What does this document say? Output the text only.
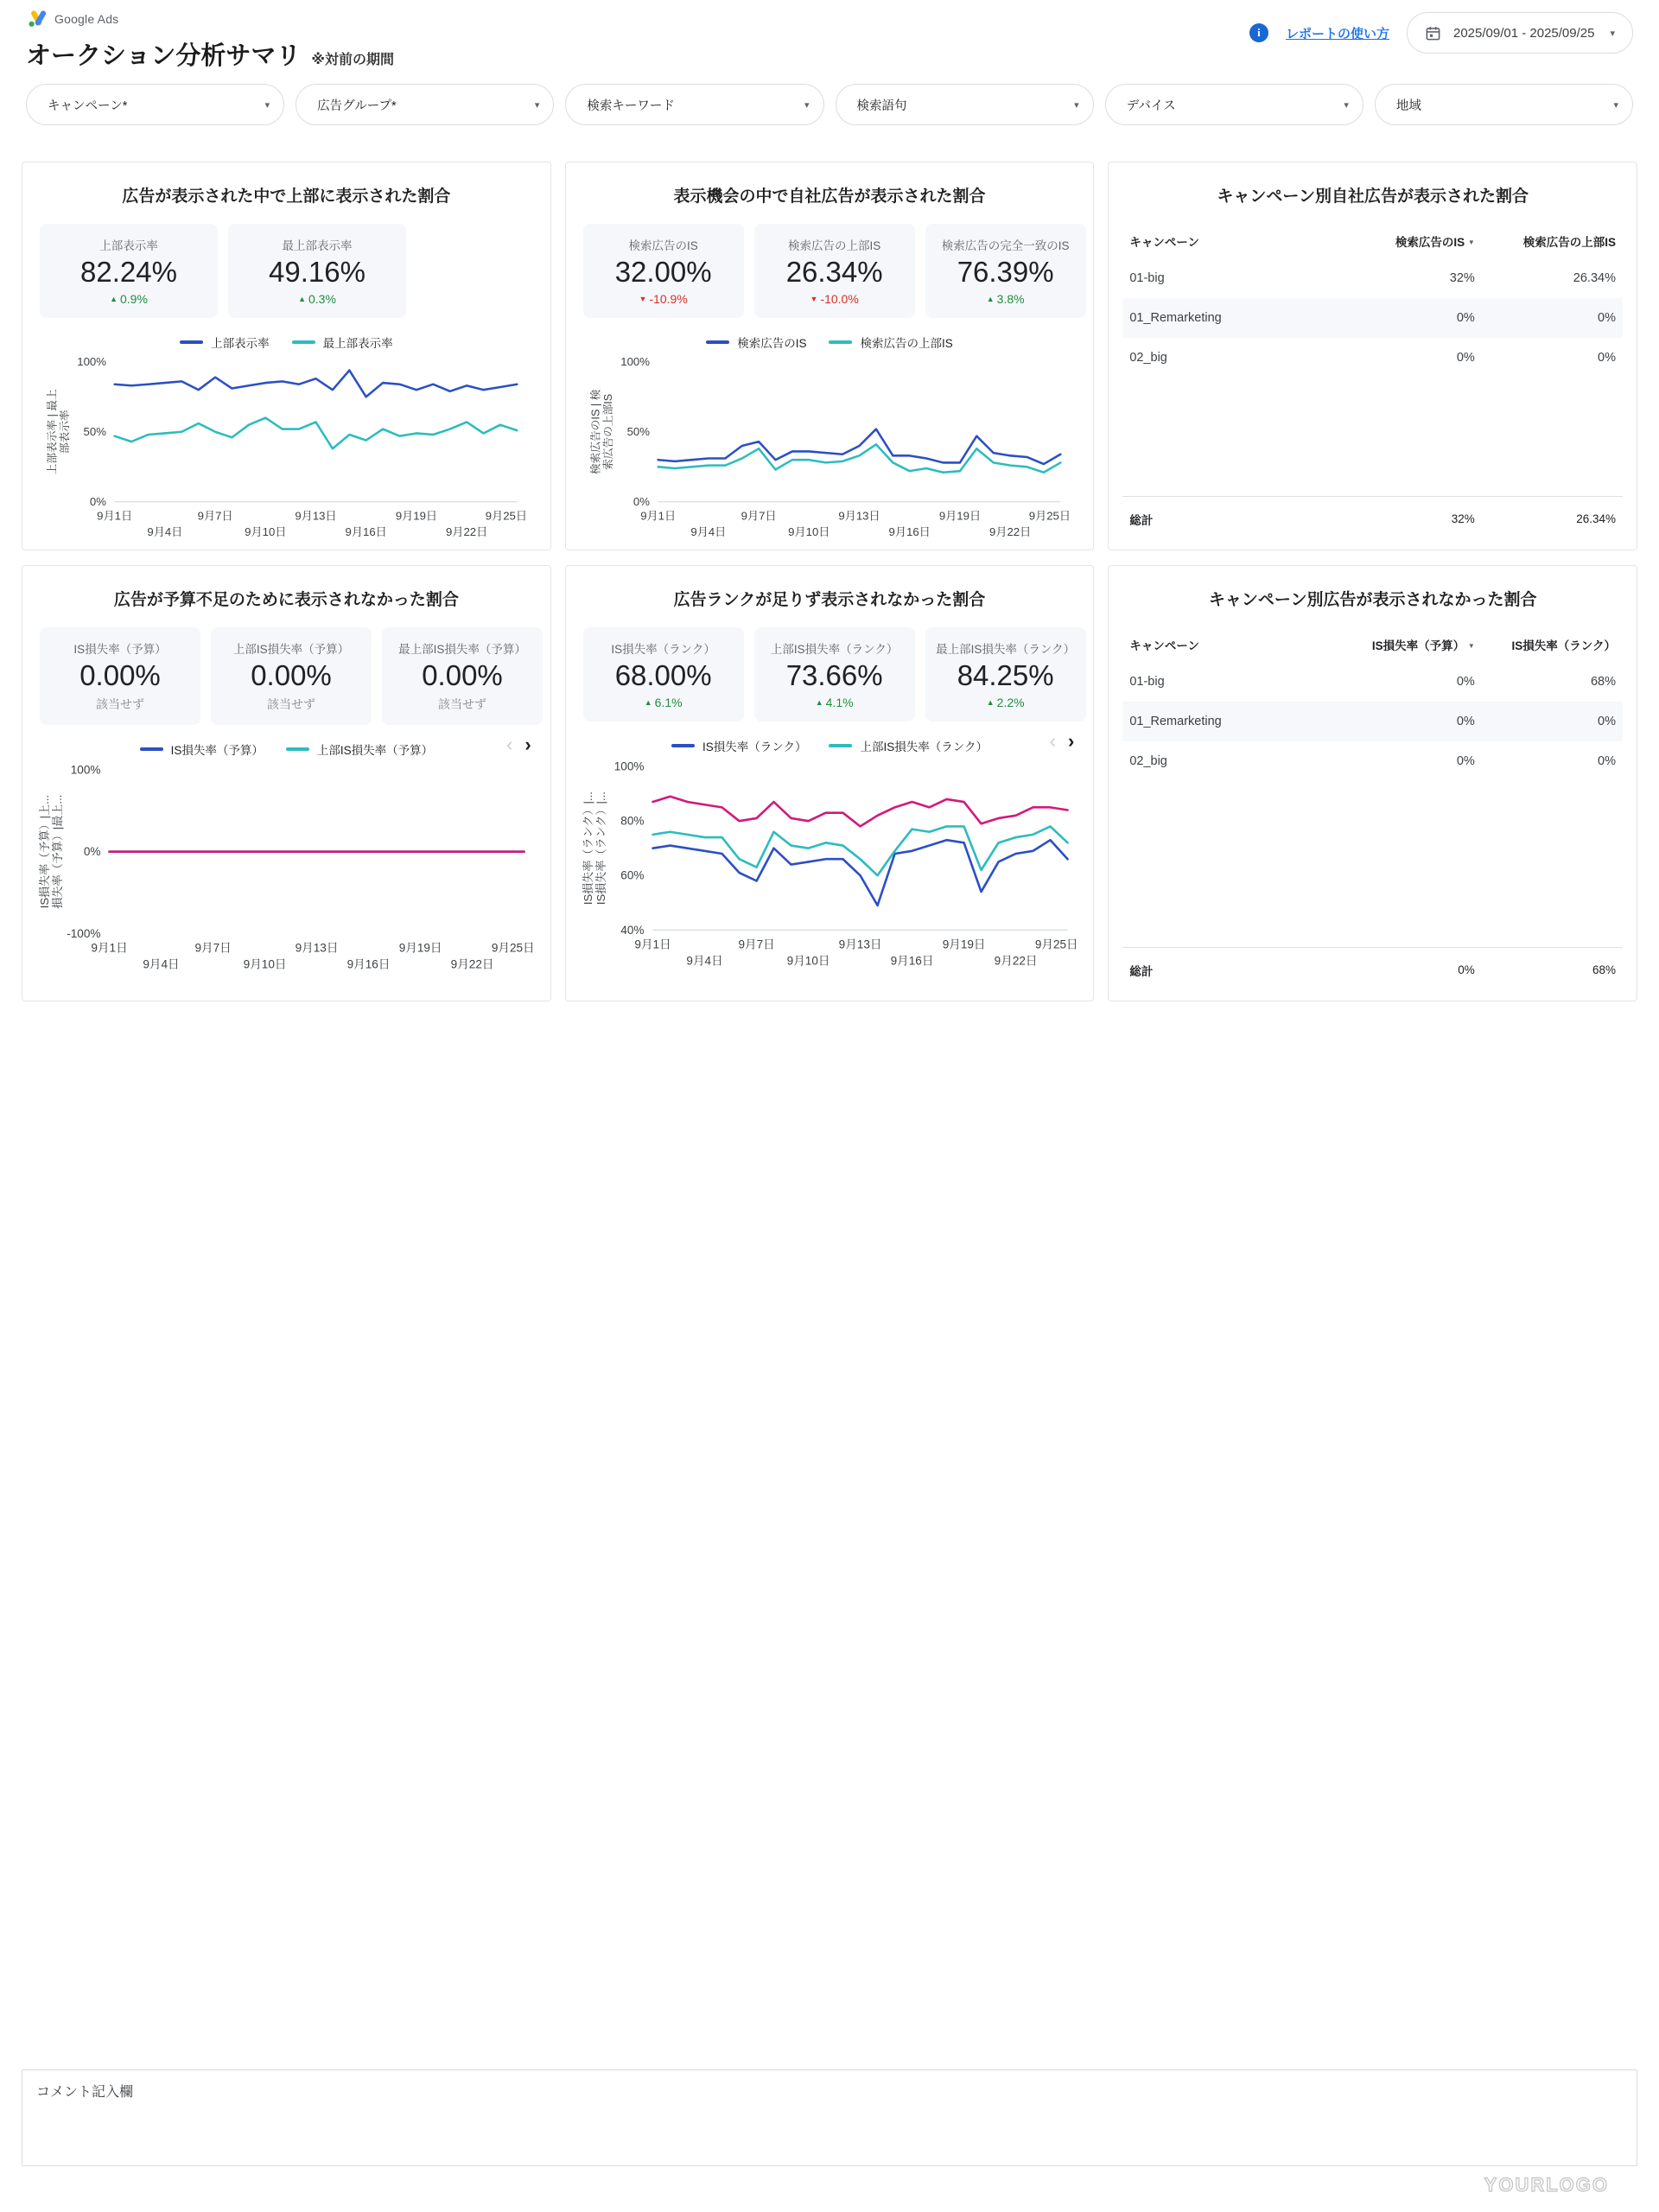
Google Ads
オークション分析サマリ ※対前の期間
i	レポートの使い方	2025/09/01 - 2025/09/25 ▾
キャンペーン*	▾	広告グループ*	▾	検索キーワード	▾	検索語句	▾	デバイス	▾	地域	▾
広告が表示された中で上部に表示された割合
上部表示率
82.24%
▲ 0.9%
最上部表示率
49.16%
▲ 0.3%
上部表示率	最上部表示率
上部表示率 | 最上部表示率
0%
50%
100%
9月1日	9月7日	9月13日	9月19日	9月25日
9月4日	9月10日	9月16日	9月22日
表示機会の中で自社広告が表示された割合
検索広告のIS
32.00%
▼ -10.9%
検索広告の上部IS
26.34%
▼ -10.0%
検索広告の完全一致のIS
76.39%
▲ 3.8%
検索広告のIS	検索広告の上部IS
検索広告のIS | 検索広告の上部IS
0%
50%
100%
9月1日	9月7日	9月13日	9月19日	9月25日
9月4日	9月10日	9月16日	9月22日
キャンペーン別自社広告が表示された割合
キャンペーン	検索広告のIS ▼	検索広告の上部IS
01-big	32%	26.34%
01_Remarketing	0%	0%
02_big	0%	0%
総計	32%	26.34%
広告が予算不足のために表示されなかった割合
IS損失率（予算）
0.00%
該当せず
上部IS損失率（予算）
0.00%
該当せず
最上部IS損失率（予算）
0.00%
該当せず
IS損失率（予算）	上部IS損失率（予算）	‹ ›
IS損失率（予算）|上...損失率（予算）|最上...
-100%
0%
100%
9月1日	9月7日	9月13日	9月19日	9月25日
9月4日	9月10日	9月16日	9月22日
広告ランクが足りず表示されなかった割合
IS損失率（ランク）
68.00%
▲ 6.1%
上部IS損失率（ランク）
73.66%
▲ 4.1%
最上部IS損失率（ランク）
84.25%
▲ 2.2%
IS損失率（ランク）	上部IS損失率（ランク）	‹ ›
IS損失率（ランク）|...IS損失率（ランク）|...
40%
60%
80%
100%
9月1日	9月7日	9月13日	9月19日	9月25日
9月4日	9月10日	9月16日	9月22日
キャンペーン別広告が表示されなかった割合
キャンペーン	IS損失率（予算） ▼	IS損失率（ランク）
01-big	0%	68%
01_Remarketing	0%	0%
02_big	0%	0%
総計	0%	68%
コメント記入欄
YOURLOGO
